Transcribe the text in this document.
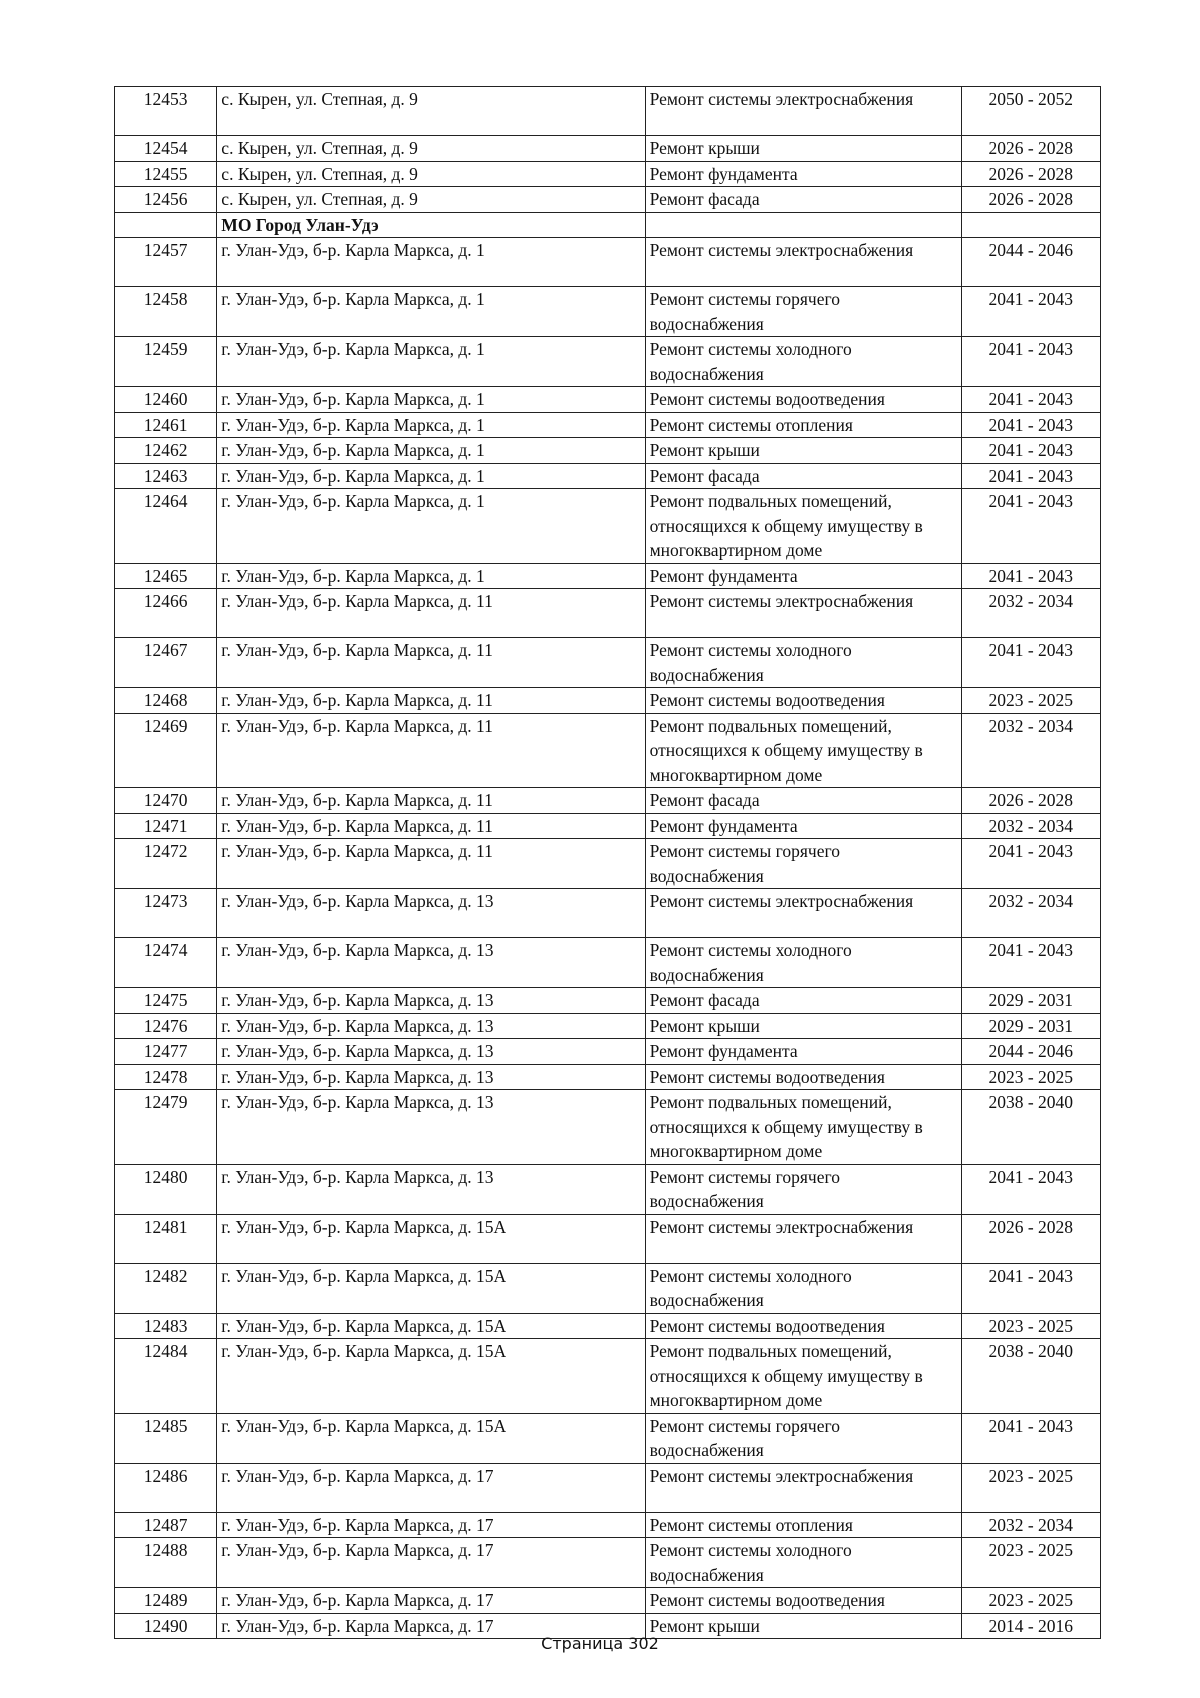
12453	с. Кырен, ул. Степная, д. 9	Ремонт системы электроснабжения	2050 - 2052
12454	с. Кырен, ул. Степная, д. 9	Ремонт крыши	2026 - 2028
12455	с. Кырен, ул. Степная, д. 9	Ремонт фундамента	2026 - 2028
12456	с. Кырен, ул. Степная, д. 9	Ремонт фасада	2026 - 2028
	МО Город Улан-Удэ		
12457	г. Улан-Удэ, б-р. Карла Маркса, д. 1	Ремонт системы электроснабжения	2044 - 2046
12458	г. Улан-Удэ, б-р. Карла Маркса, д. 1	Ремонт системы горячего водоснабжения	2041 - 2043
12459	г. Улан-Удэ, б-р. Карла Маркса, д. 1	Ремонт системы холодного водоснабжения	2041 - 2043
12460	г. Улан-Удэ, б-р. Карла Маркса, д. 1	Ремонт системы водоотведения	2041 - 2043
12461	г. Улан-Удэ, б-р. Карла Маркса, д. 1	Ремонт системы отопления	2041 - 2043
12462	г. Улан-Удэ, б-р. Карла Маркса, д. 1	Ремонт крыши	2041 - 2043
12463	г. Улан-Удэ, б-р. Карла Маркса, д. 1	Ремонт фасада	2041 - 2043
12464	г. Улан-Удэ, б-р. Карла Маркса, д. 1	Ремонт подвальных помещений, относящихся к общему имуществу в многоквартирном доме	2041 - 2043
12465	г. Улан-Удэ, б-р. Карла Маркса, д. 1	Ремонт фундамента	2041 - 2043
12466	г. Улан-Удэ, б-р. Карла Маркса, д. 11	Ремонт системы электроснабжения	2032 - 2034
12467	г. Улан-Удэ, б-р. Карла Маркса, д. 11	Ремонт системы холодного водоснабжения	2041 - 2043
12468	г. Улан-Удэ, б-р. Карла Маркса, д. 11	Ремонт системы водоотведения	2023 - 2025
12469	г. Улан-Удэ, б-р. Карла Маркса, д. 11	Ремонт подвальных помещений, относящихся к общему имуществу в многоквартирном доме	2032 - 2034
12470	г. Улан-Удэ, б-р. Карла Маркса, д. 11	Ремонт фасада	2026 - 2028
12471	г. Улан-Удэ, б-р. Карла Маркса, д. 11	Ремонт фундамента	2032 - 2034
12472	г. Улан-Удэ, б-р. Карла Маркса, д. 11	Ремонт системы горячего водоснабжения	2041 - 2043
12473	г. Улан-Удэ, б-р. Карла Маркса, д. 13	Ремонт системы электроснабжения	2032 - 2034
12474	г. Улан-Удэ, б-р. Карла Маркса, д. 13	Ремонт системы холодного водоснабжения	2041 - 2043
12475	г. Улан-Удэ, б-р. Карла Маркса, д. 13	Ремонт фасада	2029 - 2031
12476	г. Улан-Удэ, б-р. Карла Маркса, д. 13	Ремонт крыши	2029 - 2031
12477	г. Улан-Удэ, б-р. Карла Маркса, д. 13	Ремонт фундамента	2044 - 2046
12478	г. Улан-Удэ, б-р. Карла Маркса, д. 13	Ремонт системы водоотведения	2023 - 2025
12479	г. Улан-Удэ, б-р. Карла Маркса, д. 13	Ремонт подвальных помещений, относящихся к общему имуществу в многоквартирном доме	2038 - 2040
12480	г. Улан-Удэ, б-р. Карла Маркса, д. 13	Ремонт системы горячего водоснабжения	2041 - 2043
12481	г. Улан-Удэ, б-р. Карла Маркса, д. 15А	Ремонт системы электроснабжения	2026 - 2028
12482	г. Улан-Удэ, б-р. Карла Маркса, д. 15А	Ремонт системы холодного водоснабжения	2041 - 2043
12483	г. Улан-Удэ, б-р. Карла Маркса, д. 15А	Ремонт системы водоотведения	2023 - 2025
12484	г. Улан-Удэ, б-р. Карла Маркса, д. 15А	Ремонт подвальных помещений, относящихся к общему имуществу в многоквартирном доме	2038 - 2040
12485	г. Улан-Удэ, б-р. Карла Маркса, д. 15А	Ремонт системы горячего водоснабжения	2041 - 2043
12486	г. Улан-Удэ, б-р. Карла Маркса, д. 17	Ремонт системы электроснабжения	2023 - 2025
12487	г. Улан-Удэ, б-р. Карла Маркса, д. 17	Ремонт системы отопления	2032 - 2034
12488	г. Улан-Удэ, б-р. Карла Маркса, д. 17	Ремонт системы холодного водоснабжения	2023 - 2025
12489	г. Улан-Удэ, б-р. Карла Маркса, д. 17	Ремонт системы водоотведения	2023 - 2025
12490	г. Улан-Удэ, б-р. Карла Маркса, д. 17	Ремонт крыши	2014 - 2016
Страница 302
